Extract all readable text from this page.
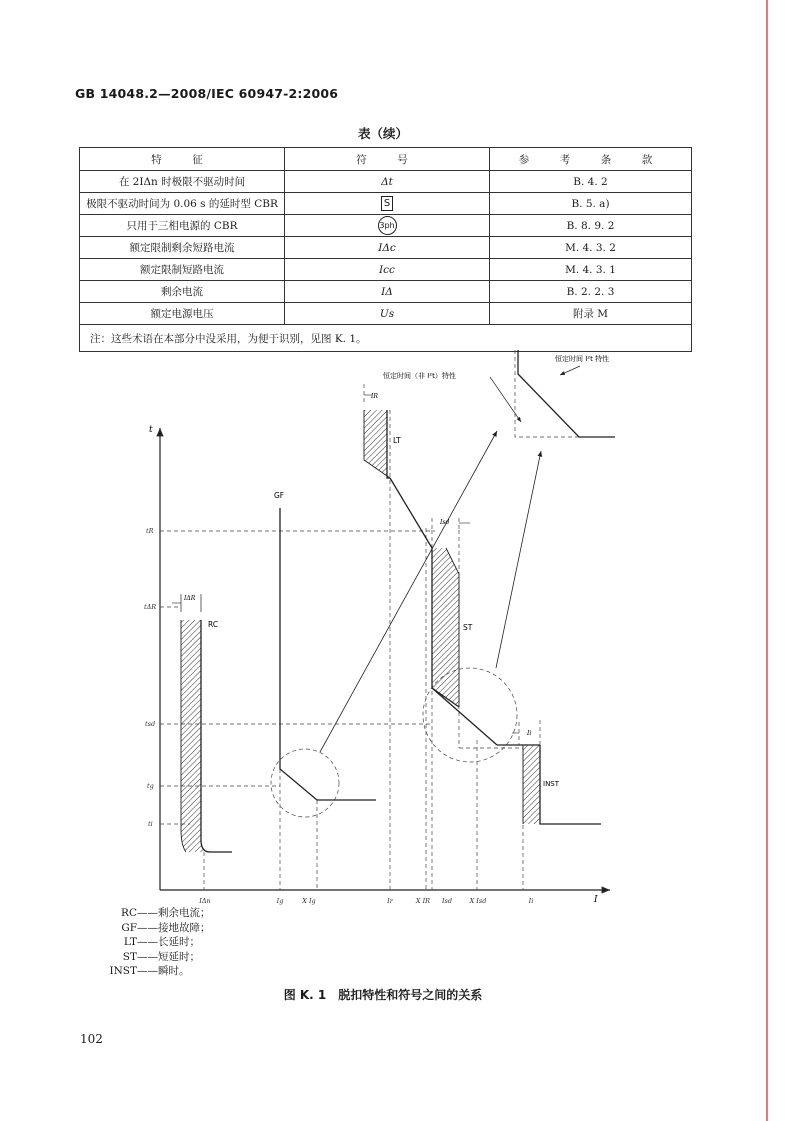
GB 14048.2—2008/IEC 60947-2:2006
表（续）
特　征	符　号	参　考　条　款
在 2IΔn 时极限不驱动时间	Δt	B. 4. 2
极限不驱动时间为 0.06 s 的延时型 CBR	S	B. 5. a)
只用于三相电源的 CBR	3ph	B. 8. 9. 2
额定限制剩余短路电流	IΔc	M. 4. 3. 2
额定限制短路电流	Icc	M. 4. 3. 1
剩余电流	IΔ	B. 2. 2. 3
额定电源电压	Us	附录 M
注：这些术语在本部分中没采用，为便于识别，见图 K. 1。		
t
I
tR
tΔR
tsd
tg
ti
IΔn	Ig	X Ig	Ir	X IR Isd	X Isd	Ii
IΔR
RC
GF
IR
LT
Isd
ST
Ii
INST
恒定时间（非 I²t）特性
恒定时间 I²t 特性
RC——剩余电流；
GF——接地故障；
LT——长延时；
ST——短延时；
INST——瞬时。
图 K. 1　脱扣特性和符号之间的关系
102
